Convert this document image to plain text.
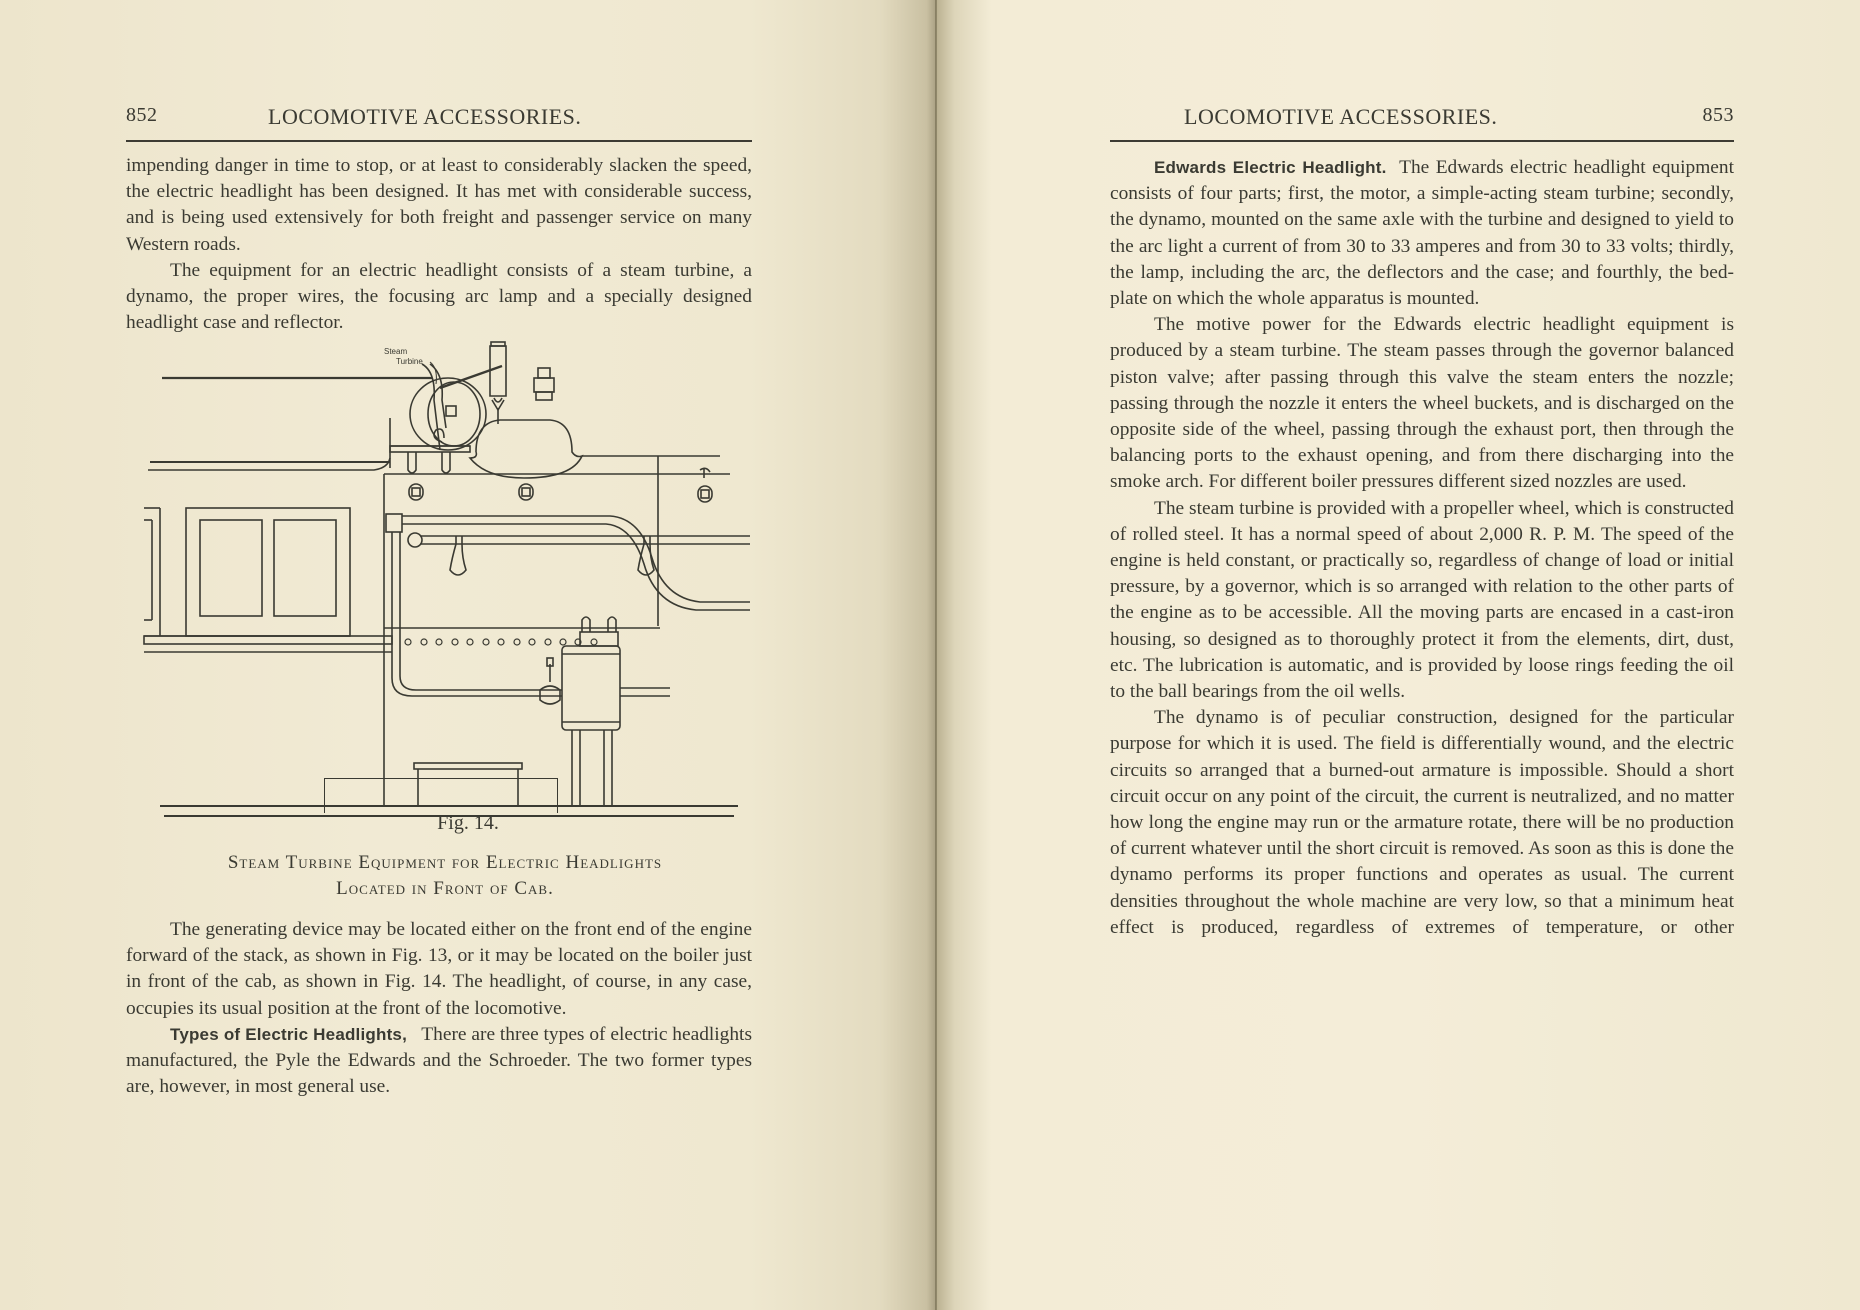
852	LOCOMOTIVE ACCESSORIES.

impending danger in time to stop, or at least to considerably slacken the speed, the electric headlight has been designed. It has met with considerable success, and is being used extensively for both freight and passenger service on many Western roads.

The equipment for an electric headlight consists of a steam turbine, a dynamo, the proper wires, the focusing arc lamp and a specially designed headlight case and reflector.

Steam
Turbine
Fig. 14.
Steam Turbine Equipment for Electric Headlights
Located in Front of Cab.

The generating device may be located either on the front end of the engine forward of the stack, as shown in Fig. 13, or it may be located on the boiler just in front of the cab, as shown in Fig. 14. The headlight, of course, in any case, occupies its usual position at the front of the locomotive.

Types of Electric Headlights, There are three types of electric headlights manufactured, the Pyle the Edwards and the Schroeder. The two former types are, however, in most general use.

LOCOMOTIVE ACCESSORIES.	853

Edwards Electric Headlight. The Edwards electric headlight equipment consists of four parts; first, the motor, a simple-acting steam turbine; secondly, the dynamo, mounted on the same axle with the turbine and designed to yield to the arc light a current of from 30 to 33 amperes and from 30 to 33 volts; thirdly, the lamp, including the arc, the deflectors and the case; and fourthly, the bed-plate on which the whole apparatus is mounted.

The motive power for the Edwards electric headlight equipment is produced by a steam turbine. The steam passes through the governor balanced piston valve; after passing through this valve the steam enters the nozzle; passing through the nozzle it enters the wheel buckets, and is discharged on the opposite side of the wheel, passing through the exhaust port, then through the balancing ports to the exhaust opening, and from there discharging into the smoke arch. For different boiler pressures different sized nozzles are used.

The steam turbine is provided with a propeller wheel, which is constructed of rolled steel. It has a normal speed of about 2,000 R. P. M. The speed of the engine is held constant, or practically so, regardless of change of load or initial pressure, by a governor, which is so arranged with relation to the other parts of the engine as to be accessible. All the moving parts are encased in a cast-iron housing, so designed as to thoroughly protect it from the elements, dirt, dust, etc. The lubrication is automatic, and is provided by loose rings feeding the oil to the ball bearings from the oil wells.

The dynamo is of peculiar construction, designed for the particular purpose for which it is used. The field is differentially wound, and the electric circuits so arranged that a burned-out armature is impossible. Should a short circuit occur on any point of the circuit, the current is neutralized, and no matter how long the engine may run or the armature rotate, there will be no production of current whatever until the short circuit is removed. As soon as this is done the dynamo performs its proper functions and operates as usual. The current densities throughout the whole machine are very low, so that a minimum heat effect is produced, regardless of extremes of temperature, or other
